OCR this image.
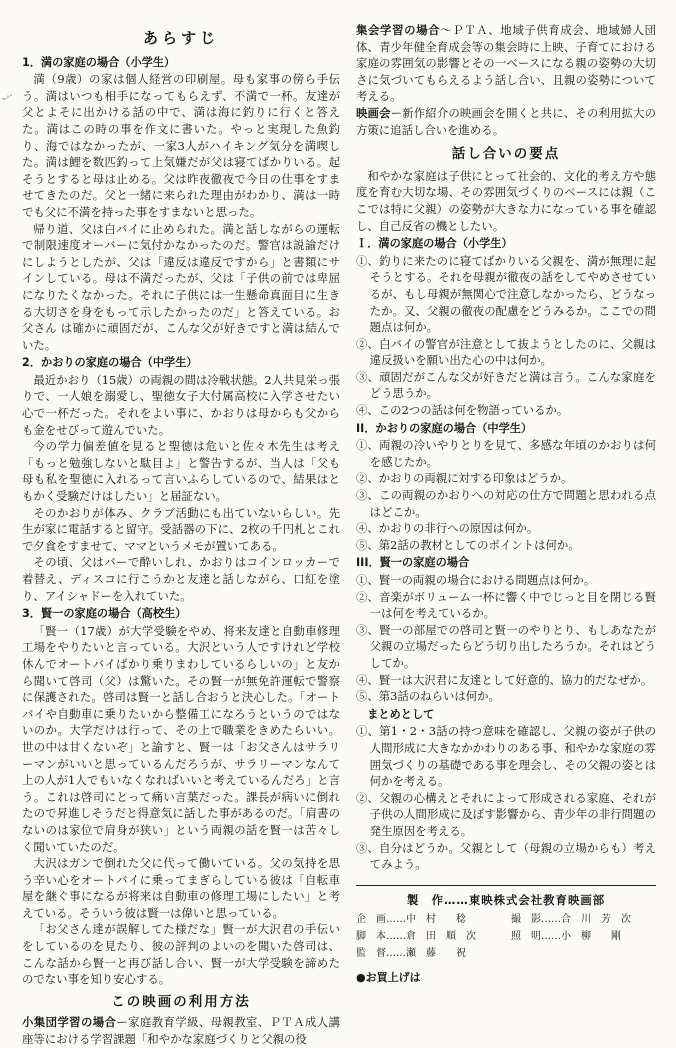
ｰ°ﾞ
あらすじ
1．満の家庭の場合（小学生）

満（9歳）の家は個人経営の印刷屋。母も家事の傍ら手伝う。満はいつも相手になってもらえず、不満で一杯。友達が父とよそに出かける話の中で、満は海に釣りに行くと答えた。満はこの時の事を作文に書いた。やっと実現した魚釣り、海ではなかったが、一家3人がハイキング気分を満喫した。満は鯉を数匹釣って上気嫌だが父は寝てばかりいる。起そうとすると母は止める。父は昨夜徹夜で今日の仕事をすませてきたのだ。父と一緒に来られた理由がわかり、満は一時でも父に不満を持った事をすまないと思った。

帰り道、父は白バイに止められた。満と話しながらの運転で制限速度オーバーに気付かなかったのだ。警官は説諭だけにしようとしたが、父は「違反は違反ですから」と書類にサインしている。母は不満だったが、父は「子供の前では卑屈になりたくなかった。それに子供には一生懸命真面目に生きる大切さを身をもって示したかったのだ」と答えている。お父さん は確かに頑固だが、こんな父が好きですと満は結んでいた。

2．かおりの家庭の場合（中学生）

最近かおり（15歳）の両親の間は冷戦状態。2人共見栄っ張りで、一人娘を溺愛し、聖徳女子大付属高校に入学させたい心で一杯だった。それをよい事に、かおりは母からも父からも金をせびって遊んでいた。

今の学力偏差値を見ると聖徳は危いと佐々木先生は考え「もっと勉強しないと駄目よ」と警告するが、当人は「父も母も私を聖徳に入れるって言いふらしているので、結果はともかく受験だけはしたい」と届証ない。

そのかおりが体み、クラブ活動にも出ていないらしい。先生が家に電話すると留守。受話器の下に、2枚の千円札とこれで夕食をすませて、ママというメモが置いてある。

その頃、父はバーで酔いしれ、かおりはコインロッカーで着替え、ディスコに行こうかと友達と話しながら、口紅を塗り、アイシャドーを入れていた。

3．賢一の家庭の場合（高校生）

「賢一（17歳）が大学受験をやめ、将来友達と自動車修理工場をやりたいと言っている。大沢という人ですけれど学校休んでオートバイばかり乗りまわしているらしいの」と友から聞いて啓司（父）は驚いた。その賢一が無免許運転で警察に保護された。啓司は賢一と話し合おうと決心した。「オートバイや自動車に乗りたいから整備工になろうというのではないのか。大学だけは行って、その上で職業をきめたらいい。世の中は甘くないぞ」と諭すと、賢一は「お父さんはサラリーマンがいいと思っているんだろうが、サラリーマンなんて上の人が1人でもいなくなればいいと考えているんだろ」と言う。これは啓司にとって痛い言葉だった。課長が病いに倒れたので昇進しそうだと得意気に話した事があるのだ。「肩書のないのは家位で肩身が狭い」という両親の話を賢一は苦々しく聞いていたのだ。

大沢はガンで倒れた父に代って働いている。父の気持を思う辛い心をオートバイに乗ってまぎらしている彼は「自転車屋を継ぐ事になるが将来は自動車の修理工場にしたい」と考えている。そういう彼は賢一は偉いと思っている。

「お父さん達が誤解してた様だな」賢一が大沢君の手伝いをしているのを見たり、彼の評判のよいのを聞いた啓司は、こんな話から賢一と再び話し合い、賢一が大学受験を諦めたのでない事を知り安心する。

この映画の利用方法

小集団学習の場合ー家庭教育学級、母親教室、ＰＴＡ成人講座等における学習課題「和やかな家庭づくりと父親の役

集会学習の場合～ＰＴＡ、地域子供育成会、地域婦人団体、青少年健全育成会等の集会時に上映、子育てにおける家庭の雰囲気の影響とその一ベースになる親の姿勢の大切さに気づいてもらえるよう話し合い、且親の姿勢について考える。

映画会ー新作紹介の映画会を開くと共に、その利用拡大の方策に追話し合いを進める。

話し合いの要点

和やかな家庭は子供にとって社会的、文化的考え方や態度を育む大切な場、その雰囲気づくりのベースには親（ここでは特に父親）の姿勢が大きな力になっている事を確認し、自己反省の機としたい。

Ｉ．満の家庭の場合（小学生）

①、釣りに来たのに寝てばかりいる父親を、満が無理に起そうとする。それを母親が徹夜の話をしてやめさせているが、もし母親が無関心で注意しなかったら、どうなったか。又、父親の徹夜の配慮をどうみるか。ここでの問題点は何か。

②、白バイの警官が注意として抜ようとしたのに、父親は違反扱いを願い出た心の中は何か。

③、頑固だがこんな父が好きだと満は言う。こんな家庭をどう思うか。

④、この2つの話は何を物語っているか。

II．かおりの家庭の場合（中学生）

①、両親の冷いやりとりを見て、多感な年頃のかおりは何を感じたか。

②、かおりの両親に対する印象はどうか。

③、この両親のかおりへの対応の仕方で問題と思われる点はどこか。

④、かおりの非行への原因は何か。

⑤、第2話の教材としてのポイントは何か。

III．賢一の家庭の場合

①、賢一の両親の場合における問題点は何か。

②、音楽がボリューム一杯に響く中でじっと目を閉じる賢一は何を考えているか。

③、賢一の部屋での啓司と賢一のやりとり、もしあなたが父親の立場だったらどう切り出したろうか。それはどうしてか。

④、賢一は大沢君に友達として好意的、協力的だなぜか。

⑤、第3話のねらいは何か。

まとめとして

①、第1・2・3話の持つ意味を確認し、父親の姿が子供の人間形成に大きなかかわりのある事、和やかな家庭の雰囲気づくりの基礎である事を理会し、その父親の姿とは何かを考える。

②、父親の心構えとそれによって形成される家庭、それが子供の人間形成に及ぼす影響から、青少年の非行問題の発生原因を考える。

③、自分はどうか。父親として（母親の立場からも）考えてみよう。

製　作……東映株式会社教育映画部
企　画……中　村　　稔	撮　影……合　川　芳　次
脚　本……倉　田　順　次	照　明……小　柳　　剛
監　督……瀬　藤　　祝
●お買上げは
